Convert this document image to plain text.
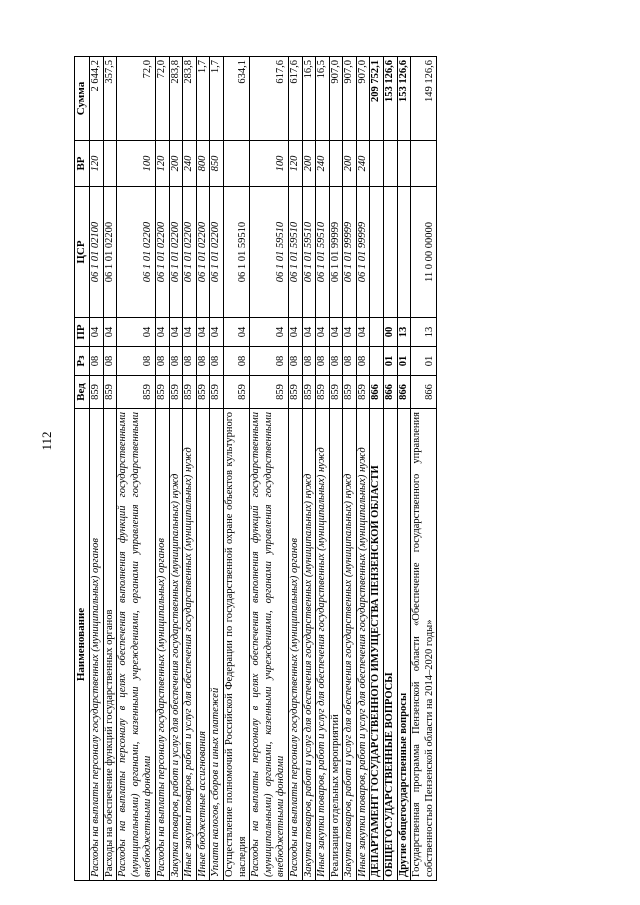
112
Наименование	Вед	Рз	ПР	ЦСР	ВР	Сумма
Расходы на выплаты персоналу государственных (муниципальных) органов	859	08	04	06 1 01 02100	120	2 644,2
Расходы на обеспечение функций государственных органов	859	08	04	06 1 01 02200		357,5
Расходы на выплаты персоналу в целях обеспечения выполнения функций государственными (муниципальными) органами, казенными учреждениями, органами управления государственными внебюджетными фондами	859	08	04	06 1 01 02200	100	72,0
Расходы на выплаты персоналу государственных (муниципальных) органов	859	08	04	06 1 01 02200	120	72,0
Закупка товаров, работ и услуг для обеспечения государственных (муниципальных) нужд	859	08	04	06 1 01 02200	200	283,8
Иные закупки товаров, работ и услуг для обеспечения государственных (муниципальных) нужд	859	08	04	06 1 01 02200	240	283,8
Иные бюджетные ассигнования	859	08	04	06 1 01 02200	800	1,7
Уплата налогов, сборов и иных платежей	859	08	04	06 1 01 02200	850	1,7
Осуществление полномочий Российской Федерации по государственной охране объектов культурного наследия	859	08	04	06 1 01 59510		634,1
Расходы на выплаты персоналу в целях обеспечения выполнения функций государственными (муниципальными) органами, казенными учреждениями, органами управления государственными внебюджетными фондами	859	08	04	06 1 01 59510	100	617,6
Расходы на выплаты персоналу государственных (муниципальных) органов	859	08	04	06 1 01 59510	120	617,6
Закупка товаров, работ и услуг для обеспечения государственных (муниципальных) нужд	859	08	04	06 1 01 59510	200	16,5
Иные закупки товаров, работ и услуг для обеспечения государственных (муниципальных) нужд	859	08	04	06 1 01 59510	240	16,5
Реализация отдельных мероприятий	859	08	04	06 1 01 99999		907,0
Закупка товаров, работ и услуг для обеспечения государственных (муниципальных) нужд	859	08	04	06 1 01 99999	200	907,0
Иные закупки товаров, работ и услуг для обеспечения государственных (муниципальных) нужд	859	08	04	06 1 01 99999	240	907,0
ДЕПАРТАМЕНТ ГОСУДАРСТВЕННОГО ИМУЩЕСТВА ПЕНЗЕНСКОЙ ОБЛАСТИ	866					209 752,1
ОБЩЕГОСУДАРСТВЕННЫЕ ВОПРОСЫ	866	01	00			153 126,6
Другие общегосударственные вопросы	866	01	13			153 126,6
Государственная программа Пензенской области «Обеспечение государственного управления собственностью Пензенской области на 2014–2020 годы»	866	01	13	11 0 00 00000		149 126,6
